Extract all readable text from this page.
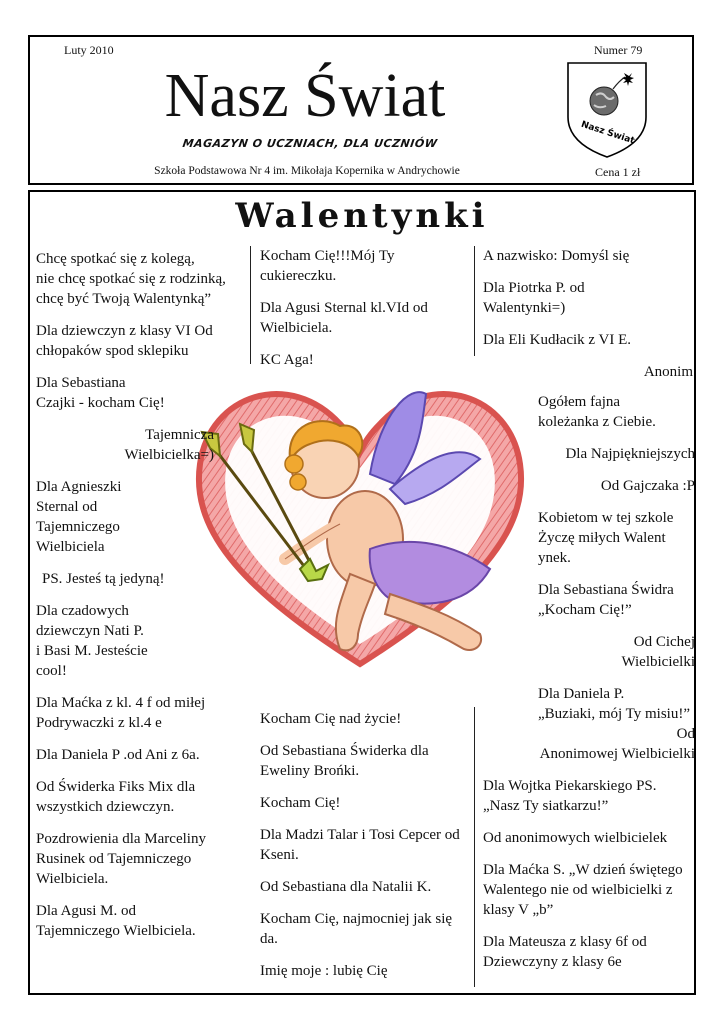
Luty 2010	Numer 79
Nasz Świat
MAGAZYN O UCZNIACH, DLA UCZNIÓW
Szkoła Podstawowa Nr 4 im. Mikołaja Kopernika w Andrychowie	Cena 1 zł
Nasz Świat
Walentynki

Chcę spotkać się z kolegą,
nie chcę spotkać się z rodzinką,
chcę być Twoją Walentynką”

Dla dziewczyn z klasy VI Od chłopaków spod sklepiku

Dla Sebastiana
Czajki - kocham Cię!

Tajemnicza
Wielbicielka=)

Dla Agnieszki
Sternal od
Tajemniczego
Wielbiciela

PS. Jesteś tą jedyną!

Dla czadowych
dziewczyn Nati P.
i Basi M. Jesteście
cool!

Dla Maćka z kl. 4 f od miłej Podrywaczki z kl.4 e

Dla Daniela P .od Ani z 6a.

Od Świderka Fiks Mix dla wszystkich dziewczyn.

Pozdrowienia dla Marceliny Rusinek od Tajemniczego Wielbiciela.

Dla Agusi M. od
Tajemniczego Wielbiciela.

Kocham Cię!!!Mój Ty cukiereczku.

Dla Agusi Sternal kl.VId od Wielbiciela.

KC Aga!

A nazwisko: Domyśl się

Dla Piotrka P. od Walentynki=)

Dla Eli Kudłacik z VI E.

Anonim

Ogółem fajna
koleżanka z Ciebie.

Dla Najpiękniejszych

Od Gajczaka :P

Kobietom w tej szkole
Życzę miłych Walent
ynek.

Dla Sebastiana Świdra
„Kocham Cię!”

Od Cichej
Wielbicielki

Dla Daniela P.
„Buziaki, mój Ty misiu!”

Od
Anonimowej Wielbicielki

Dla Wojtka Piekarskiego PS. „Nasz Ty siatkarzu!”

Od anonimowych wielbicielek

Dla Maćka S. „W dzień świętego Walentego nie od wielbicielki z klasy V „b”

Dla Mateusza z klasy 6f od Dziewczyny z klasy 6e

Kocham Cię nad życie!

Od Sebastiana Świderka dla Eweliny Brońki.

Kocham Cię!

Dla Madzi Talar i Tosi Cepcer od Kseni.

Od Sebastiana dla Natalii K.

Kocham Cię, najmocniej jak się da.

Imię moje : lubię Cię
